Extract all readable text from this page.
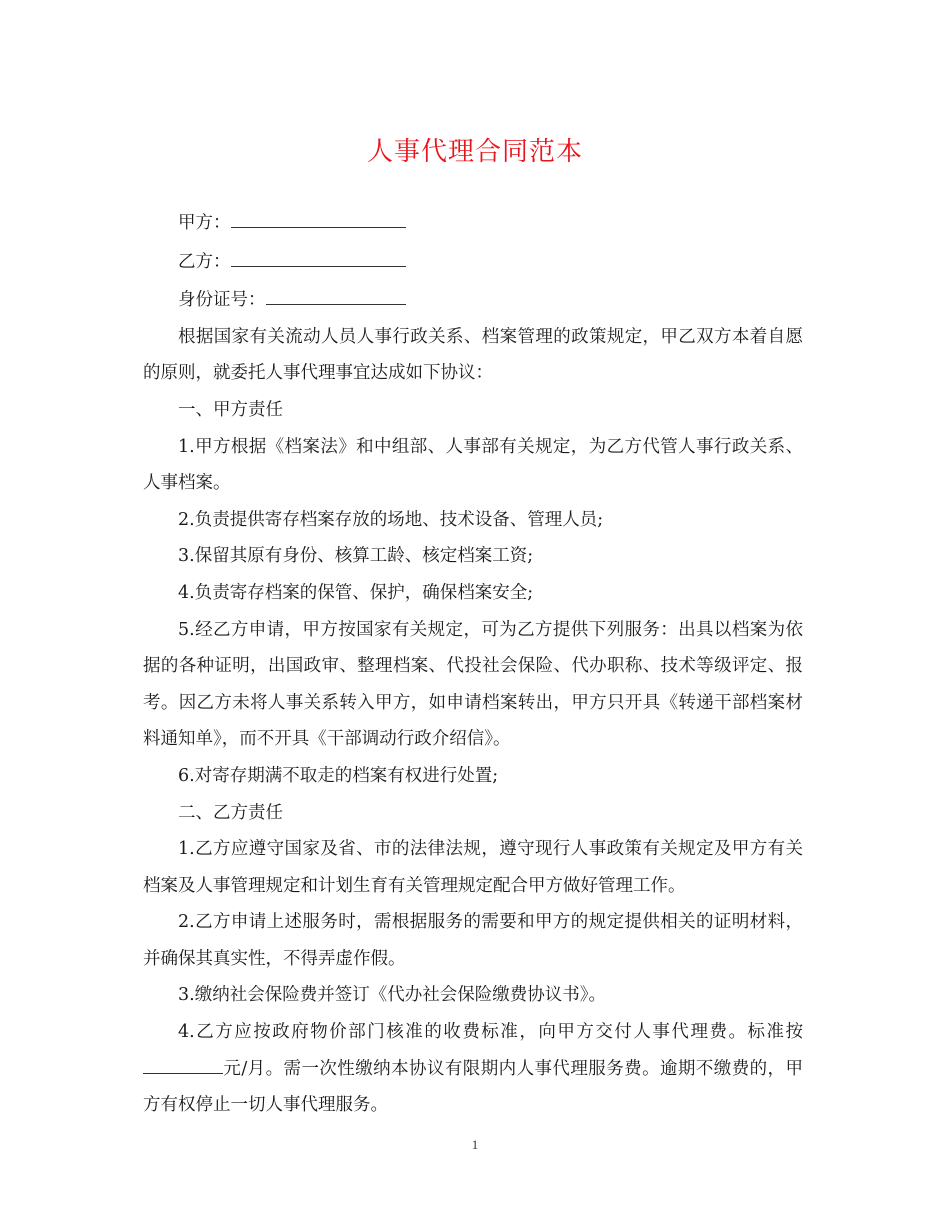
人事代理合同范本

甲方：

乙方：

身份证号：

根据国家有关流动人员人事行政关系、档案管理的政策规定，甲乙双方本着自愿的原则，就委托人事代理事宜达成如下协议：

一、甲方责任

1.甲方根据《档案法》和中组部、人事部有关规定，为乙方代管人事行政关系、人事档案。

2.负责提供寄存档案存放的场地、技术设备、管理人员;

3.保留其原有身份、核算工龄、核定档案工资;

4.负责寄存档案的保管、保护，确保档案安全;

5.经乙方申请，甲方按国家有关规定，可为乙方提供下列服务：出具以档案为依据的各种证明，出国政审、整理档案、代投社会保险、代办职称、技术等级评定、报考。因乙方未将人事关系转入甲方，如申请档案转出，甲方只开具《转递干部档案材料通知单》，而不开具《干部调动行政介绍信》。

6.对寄存期满不取走的档案有权进行处置;

二、乙方责任

1.乙方应遵守国家及省、市的法律法规，遵守现行人事政策有关规定及甲方有关档案及人事管理规定和计划生育有关管理规定配合甲方做好管理工作。

2.乙方申请上述服务时，需根据服务的需要和甲方的规定提供相关的证明材料，并确保其真实性，不得弄虚作假。

3.缴纳社会保险费并签订《代办社会保险缴费协议书》。

4.乙方应按政府物价部门核准的收费标准，向甲方交付人事代理费。标准按元/月。需一次性缴纳本协议有限期内人事代理服务费。逾期不缴费的，甲方有权停止一切人事代理服务。

1
